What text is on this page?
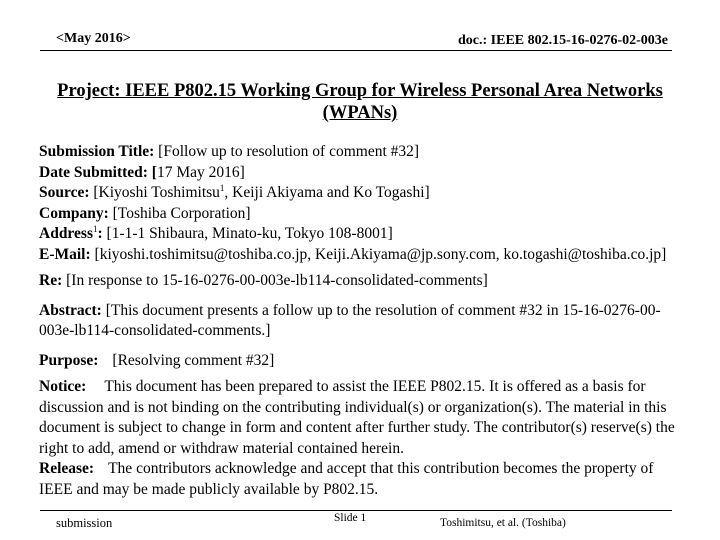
<May 2016>	doc.: IEEE 802.15-16-0276-02-003e
Project: IEEE P802.15 Working Group for Wireless Personal Area Networks
(WPANs)

Submission Title: [Follow up to resolution of comment #32]

Date Submitted: [17 May 2016]

Source: [Kiyoshi Toshimitsu$^1$, Keiji Akiyama and Ko Togashi]

Company: [Toshiba Corporation]

Address$^1$: [1-1-1 Shibaura, Minato-ku, Tokyo 108-8001]

E-Mail: [kiyoshi.toshimitsu@toshiba.co.jp, Keiji.Akiyama@jp.sony.com, ko.togashi@toshiba.co.jp]

Re: [In response to 15-16-0276-00-003e-lb114-consolidated-comments]

Abstract: [This document presents a follow up to the resolution of comment #32 in 15-16-0276-00-003e-lb114-consolidated-comments.]

Purpose: [Resolving comment #32]

Notice: This document has been prepared to assist the IEEE P802.15. It is offered as a basis for discussion and is not binding on the contributing individual(s) or organization(s). The material in this document is subject to change in form and content after further study. The contributor(s) reserve(s) the right to add, amend or withdraw material contained herein.

Release: The contributors acknowledge and accept that this contribution becomes the property of IEEE and may be made publicly available by P802.15.

submission	Slide 1	Toshimitsu, et al. (Toshiba)
